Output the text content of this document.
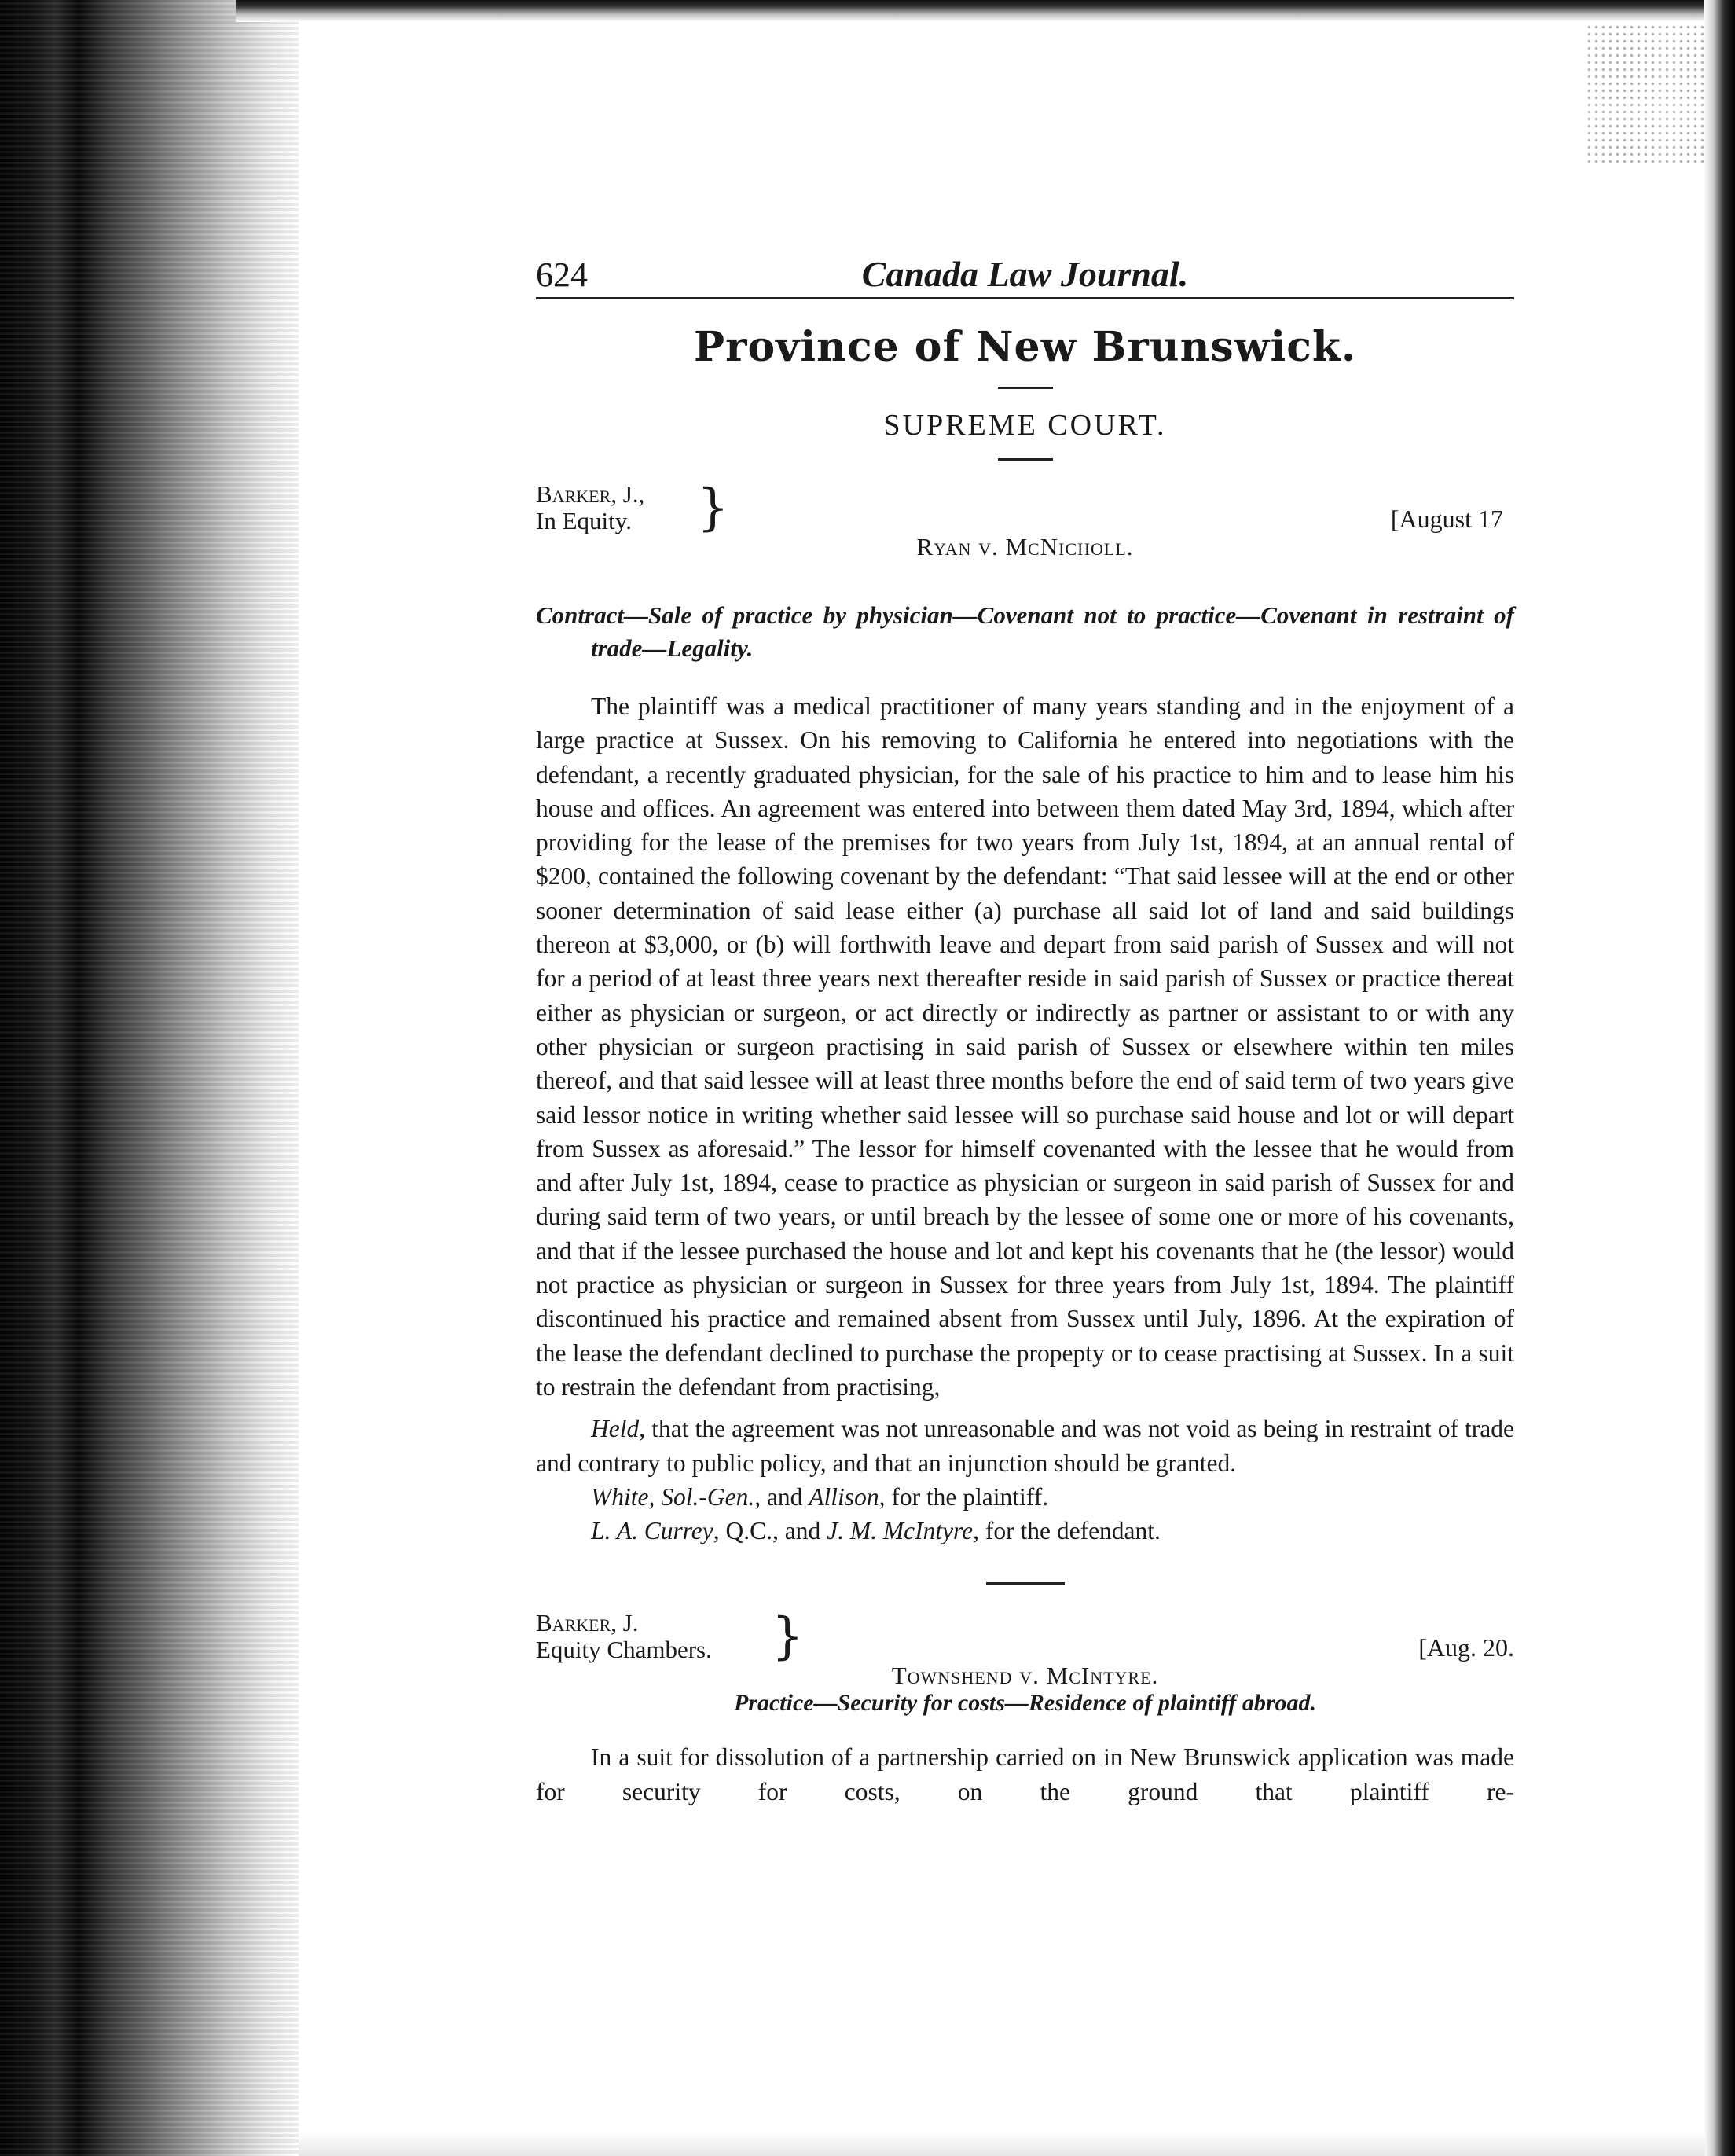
624	Canada Law Journal.
Province of New Brunswick.
SUPREME COURT.
Barker, J.,
In Equity. }	[August 17
Ryan v. McNicholl.

Contract—Sale of practice by physician—Covenant not to practice—Covenant in restraint of trade—Legality.

The plaintiff was a medical practitioner of many years standing and in the enjoyment of a large practice at Sussex. On his removing to California he entered into negotiations with the defendant, a recently graduated physician, for the sale of his practice to him and to lease him his house and offices. An agreement was entered into between them dated May 3rd, 1894, which after providing for the lease of the premises for two years from July 1st, 1894, at an annual rental of $200, contained the following covenant by the defendant: “That said lessee will at the end or other sooner determination of said lease either (a) purchase all said lot of land and said buildings thereon at $3,000, or (b) will forthwith leave and depart from said parish of Sussex and will not for a period of at least three years next thereafter reside in said parish of Sussex or practice thereat either as physician or surgeon, or act directly or indirectly as partner or assistant to or with any other physician or surgeon practising in said parish of Sussex or elsewhere within ten miles thereof, and that said lessee will at least three months before the end of said term of two years give said lessor notice in writing whether said lessee will so purchase said house and lot or will depart from Sussex as aforesaid.” The lessor for himself covenanted with the lessee that he would from and after July 1st, 1894, cease to practice as physician or surgeon in said parish of Sussex for and during said term of two years, or until breach by the lessee of some one or more of his covenants, and that if the lessee purchased the house and lot and kept his covenants that he (the lessor) would not practice as physician or surgeon in Sussex for three years from July 1st, 1894. The plaintiff discontinued his practice and remained absent from Sussex until July, 1896. At the expiration of the lease the defendant declined to purchase the propepty or to cease practising at Sussex. In a suit to restrain the defendant from practising,

Held, that the agreement was not unreasonable and was not void as being in restraint of trade and contrary to public policy, and that an injunction should be granted.

White, Sol.-Gen., and Allison, for the plaintiff.

L. A. Currey, Q.C., and J. M. McIntyre, for the defendant.

Barker, J.
Equity Chambers. }	[Aug. 20.
Townshend v. McIntyre.

Practice—Security for costs—Residence of plaintiff abroad.

In a suit for dissolution of a partnership carried on in New Brunswick application was made for security for costs, on the ground that plaintiff re-
